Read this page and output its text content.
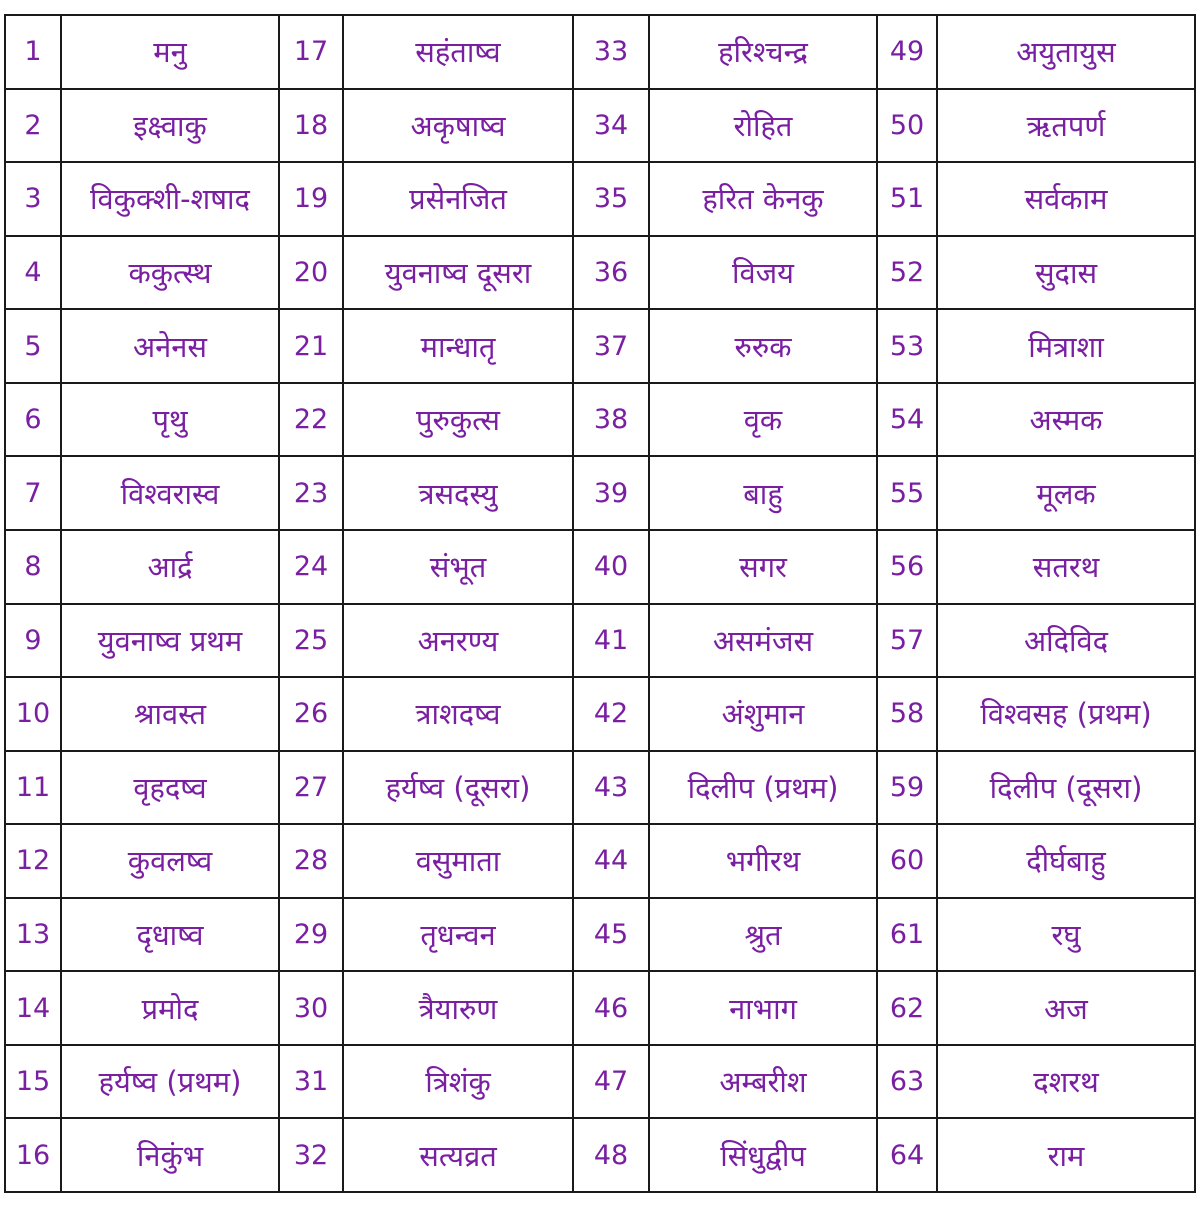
1	मनु	17	सहंताष्व	33	हरिश्चन्द्र	49	अयुतायुस
2	इक्ष्वाकु	18	अकृषाष्व	34	रोहित	50	ऋतपर्ण
3	विकुक्शी-शषाद	19	प्रसेनजित	35	हरित केनकु	51	सर्वकाम
4	ककुत्स्थ	20	युवनाष्व दूसरा	36	विजय	52	सुदास
5	अनेनस	21	मान्धातृ	37	रुरुक	53	मित्राशा
6	पृथु	22	पुरुकुत्स	38	वृक	54	अस्मक
7	विश्वरास्व	23	त्रसदस्यु	39	बाहु	55	मूलक
8	आर्द्र	24	संभूत	40	सगर	56	सतरथ
9	युवनाष्व प्रथम	25	अनरण्य	41	असमंजस	57	अदिविद
10	श्रावस्त	26	त्राशदष्व	42	अंशुमान	58	विश्वसह (प्रथम)
11	वृहदष्व	27	हर्यष्व (दूसरा)	43	दिलीप (प्रथम)	59	दिलीप (दूसरा)
12	कुवलष्व	28	वसुमाता	44	भगीरथ	60	दीर्घबाहु
13	दृधाष्व	29	तृधन्वन	45	श्रुत	61	रघु
14	प्रमोद	30	त्रैयारुण	46	नाभाग	62	अज
15	हर्यष्व (प्रथम)	31	त्रिशंकु	47	अम्बरीश	63	दशरथ
16	निकुंभ	32	सत्यव्रत	48	सिंधुद्वीप	64	राम
